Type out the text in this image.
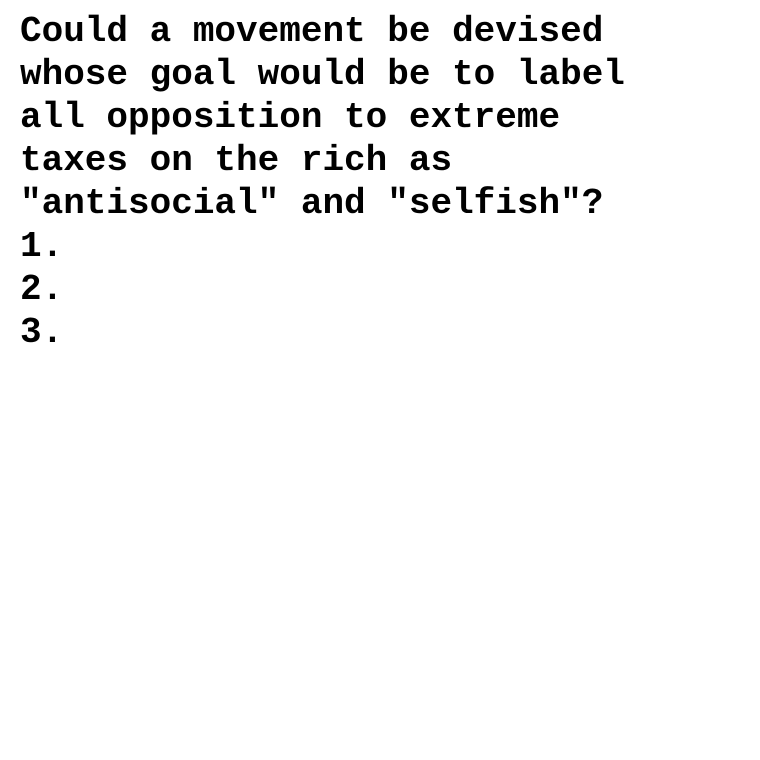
Could a movement be devised
whose goal would be to label
all opposition to extreme
taxes on the rich as
"antisocial" and "selfish"?
1.
2.
3.
